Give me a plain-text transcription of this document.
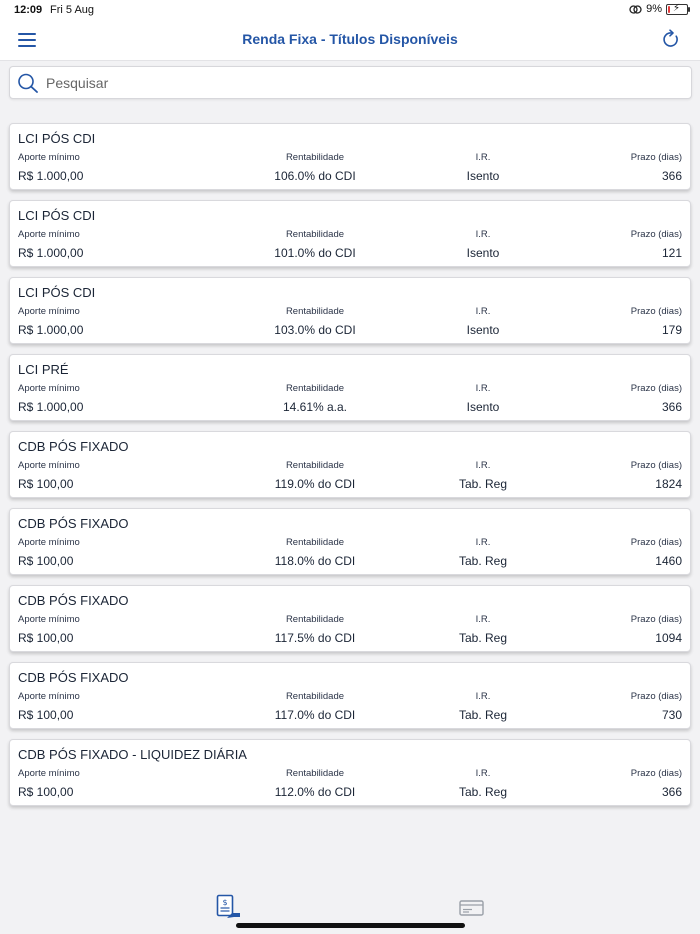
12:09 Fri 5 Aug	9% ⚡
Renda Fixa - Títulos Disponíveis
Pesquisar
LCI PÓS CDI
Aporte mínimo	Rentabilidade	I.R.	Prazo (dias)
R$ 1.000,00	106.0% do CDI	Isento	366
LCI PÓS CDI
Aporte mínimo	Rentabilidade	I.R.	Prazo (dias)
R$ 1.000,00	101.0% do CDI	Isento	121
LCI PÓS CDI
Aporte mínimo	Rentabilidade	I.R.	Prazo (dias)
R$ 1.000,00	103.0% do CDI	Isento	179
LCI PRÉ
Aporte mínimo	Rentabilidade	I.R.	Prazo (dias)
R$ 1.000,00	14.61% a.a.	Isento	366
CDB PÓS FIXADO
Aporte mínimo	Rentabilidade	I.R.	Prazo (dias)
R$ 100,00	119.0% do CDI	Tab. Reg	1824
CDB PÓS FIXADO
Aporte mínimo	Rentabilidade	I.R.	Prazo (dias)
R$ 100,00	118.0% do CDI	Tab. Reg	1460
CDB PÓS FIXADO
Aporte mínimo	Rentabilidade	I.R.	Prazo (dias)
R$ 100,00	117.5% do CDI	Tab. Reg	1094
CDB PÓS FIXADO
Aporte mínimo	Rentabilidade	I.R.	Prazo (dias)
R$ 100,00	117.0% do CDI	Tab. Reg	730
CDB PÓS FIXADO - LIQUIDEZ DIÁRIA
Aporte mínimo	Rentabilidade	I.R.	Prazo (dias)
R$ 100,00	112.0% do CDI	Tab. Reg	366
$
